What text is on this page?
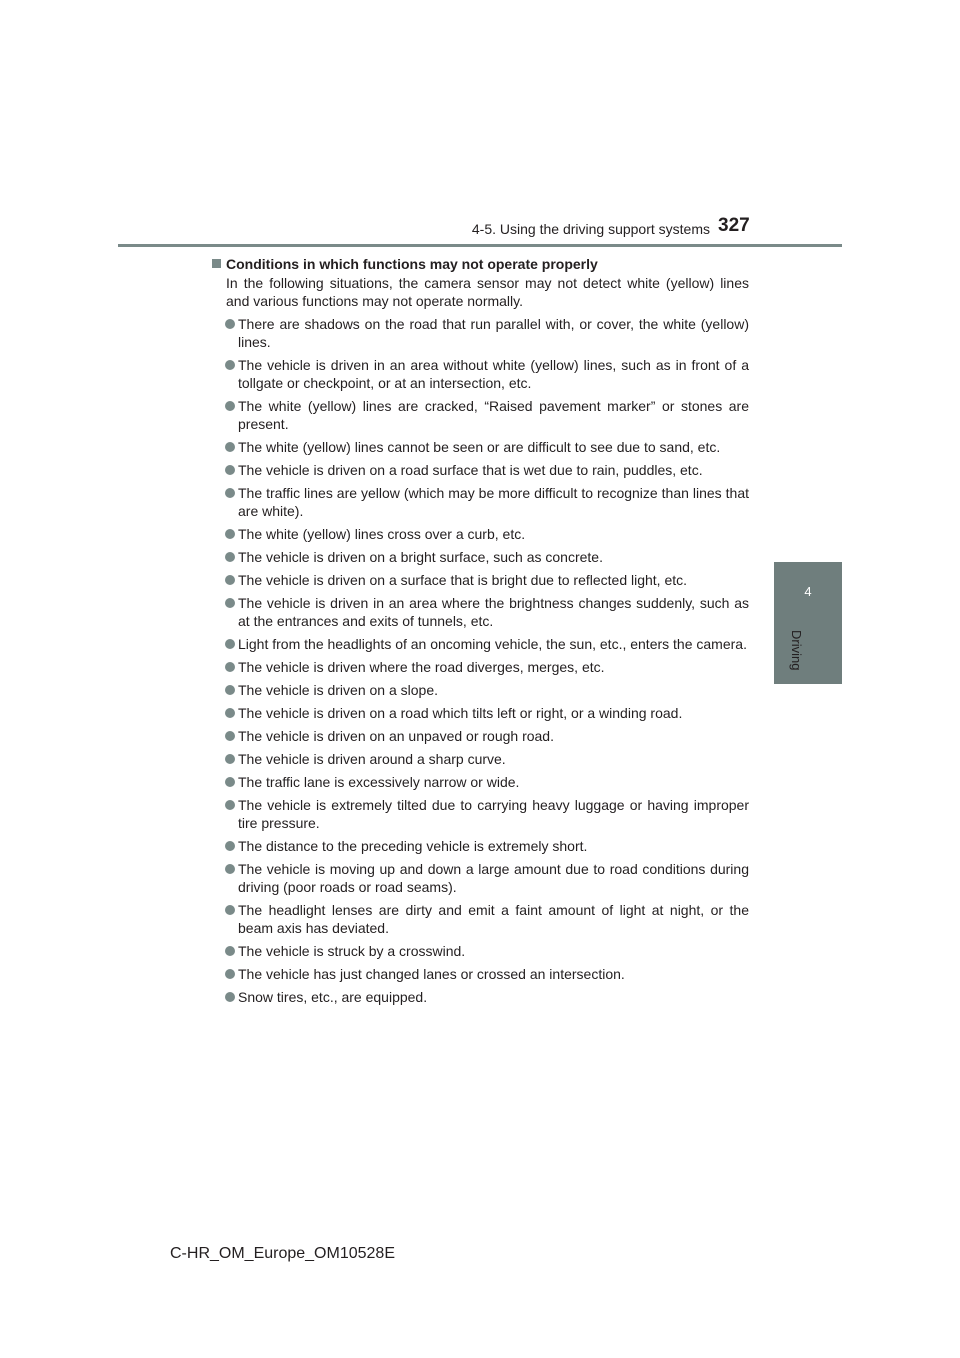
4-5. Using the driving support systems 327
4
Driving
Conditions in which functions may not operate properly
In the following situations, the camera sensor may not detect white (yellow) lines and various functions may not operate normally.
There are shadows on the road that run parallel with, or cover, the white (yellow) lines.
The vehicle is driven in an area without white (yellow) lines, such as in front of a tollgate or checkpoint, or at an intersection, etc.
The white (yellow) lines are cracked, “Raised pavement marker” or stones are present.
The white (yellow) lines cannot be seen or are difficult to see due to sand, etc.
The vehicle is driven on a road surface that is wet due to rain, puddles, etc.
The traffic lines are yellow (which may be more difficult to recognize than lines that are white).
The white (yellow) lines cross over a curb, etc.
The vehicle is driven on a bright surface, such as concrete.
The vehicle is driven on a surface that is bright due to reflected light, etc.
The vehicle is driven in an area where the brightness changes suddenly, such as at the entrances and exits of tunnels, etc.
Light from the headlights of an oncoming vehicle, the sun, etc., enters the camera.
The vehicle is driven where the road diverges, merges, etc.
The vehicle is driven on a slope.
The vehicle is driven on a road which tilts left or right, or a winding road.
The vehicle is driven on an unpaved or rough road.
The vehicle is driven around a sharp curve.
The traffic lane is excessively narrow or wide.
The vehicle is extremely tilted due to carrying heavy luggage or having improper tire pressure.
The distance to the preceding vehicle is extremely short.
The vehicle is moving up and down a large amount due to road conditions during driving (poor roads or road seams).
The headlight lenses are dirty and emit a faint amount of light at night, or the beam axis has deviated.
The vehicle is struck by a crosswind.
The vehicle has just changed lanes or crossed an intersection.
Snow tires, etc., are equipped.
C-HR_OM_Europe_OM10528E
